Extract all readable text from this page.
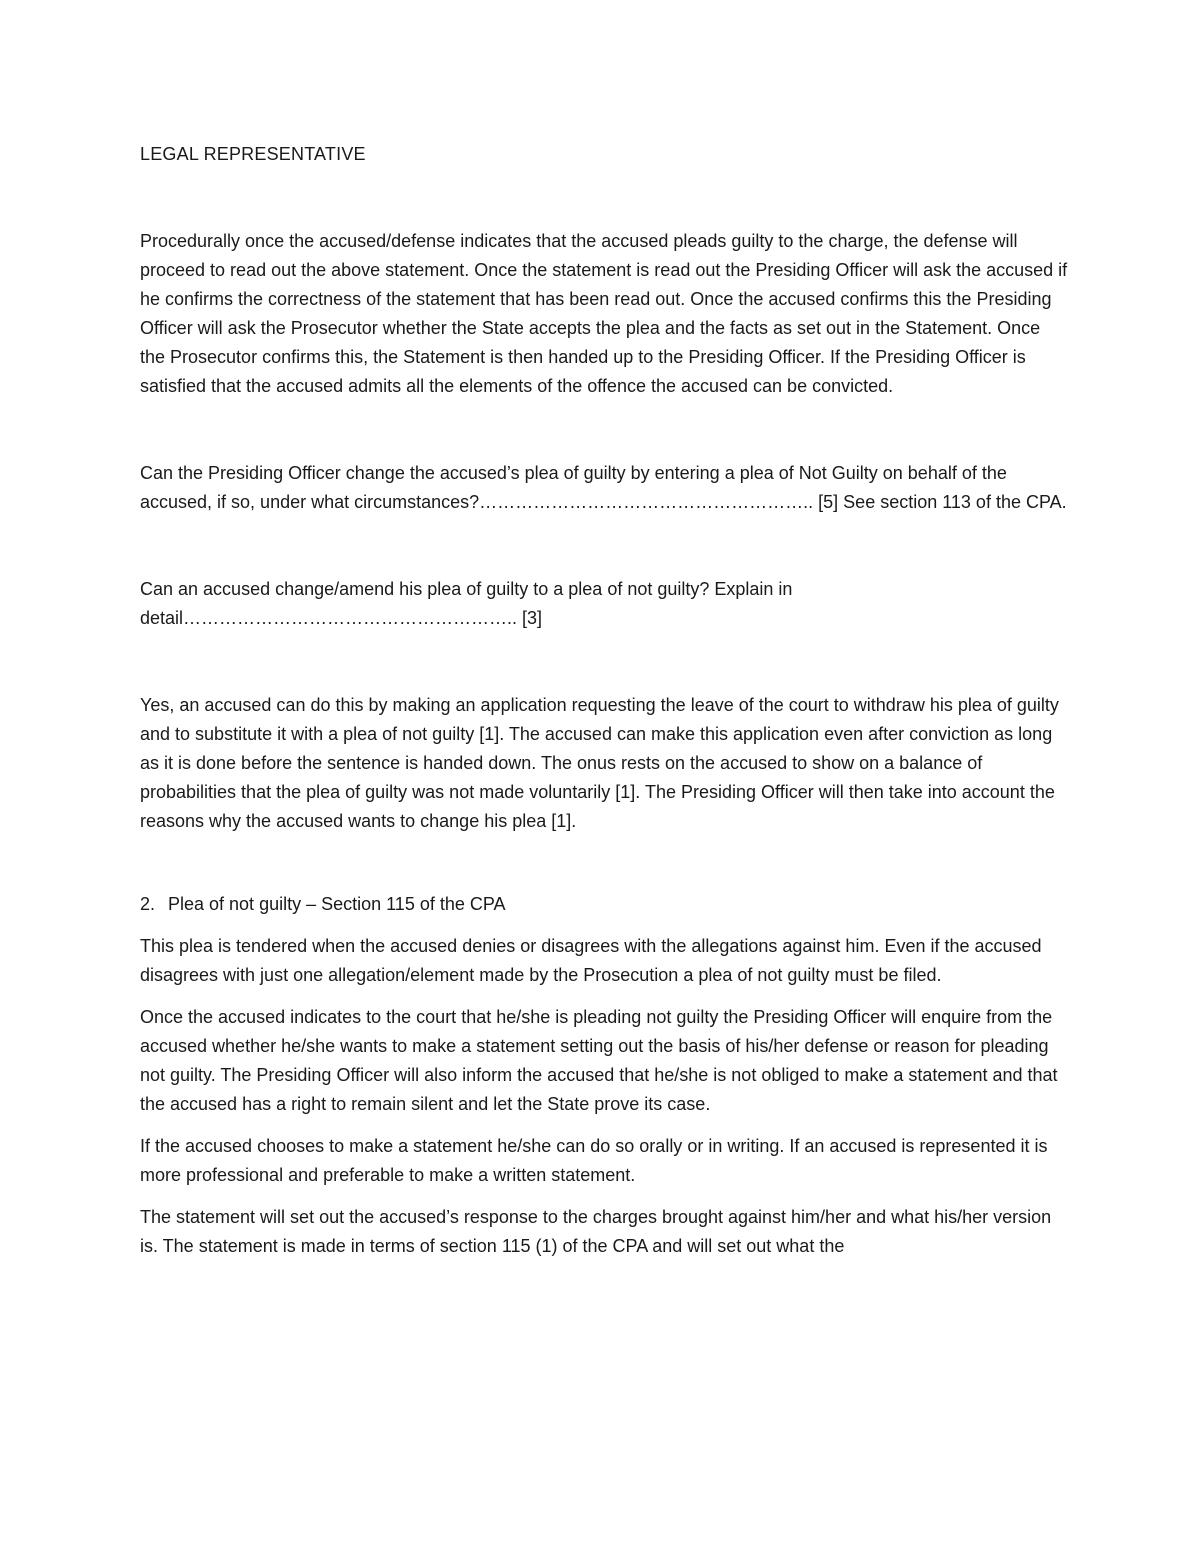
LEGAL REPRESENTATIVE

Procedurally once the accused/defense indicates that the accused pleads guilty to the charge, the defense will proceed to read out the above statement. Once the statement is read out the Presiding Officer will ask the accused if he confirms the correctness of the statement that has been read out. Once the accused confirms this the Presiding Officer will ask the Prosecutor whether the State accepts the plea and the facts as set out in the Statement. Once the Prosecutor confirms this, the Statement is then handed up to the Presiding Officer. If the Presiding Officer is satisfied that the accused admits all the elements of the offence the accused can be convicted.

Can the Presiding Officer change the accused’s plea of guilty by entering a plea of Not Guilty on behalf of the accused, if so, under what circumstances?……………………………………………….. [5] See section 113 of the CPA.

Can an accused change/amend his plea of guilty to a plea of not guilty? Explain in detail……………………………………………….. [3]

Yes, an accused can do this by making an application requesting the leave of the court to withdraw his plea of guilty and to substitute it with a plea of not guilty [1]. The accused can make this application even after conviction as long as it is done before the sentence is handed down. The onus rests on the accused to show on a balance of probabilities that the plea of guilty was not made voluntarily [1]. The Presiding Officer will then take into account the reasons why the accused wants to change his plea [1].

2. Plea of not guilty – Section 115 of the CPA

This plea is tendered when the accused denies or disagrees with the allegations against him. Even if the accused disagrees with just one allegation/element made by the Prosecution a plea of not guilty must be filed.

Once the accused indicates to the court that he/she is pleading not guilty the Presiding Officer will enquire from the accused whether he/she wants to make a statement setting out the basis of his/her defense or reason for pleading not guilty. The Presiding Officer will also inform the accused that he/she is not obliged to make a statement and that the accused has a right to remain silent and let the State prove its case.

If the accused chooses to make a statement he/she can do so orally or in writing. If an accused is represented it is more professional and preferable to make a written statement.

The statement will set out the accused’s response to the charges brought against him/her and what his/her version is. The statement is made in terms of section 115 (1) of the CPA and will set out what the
